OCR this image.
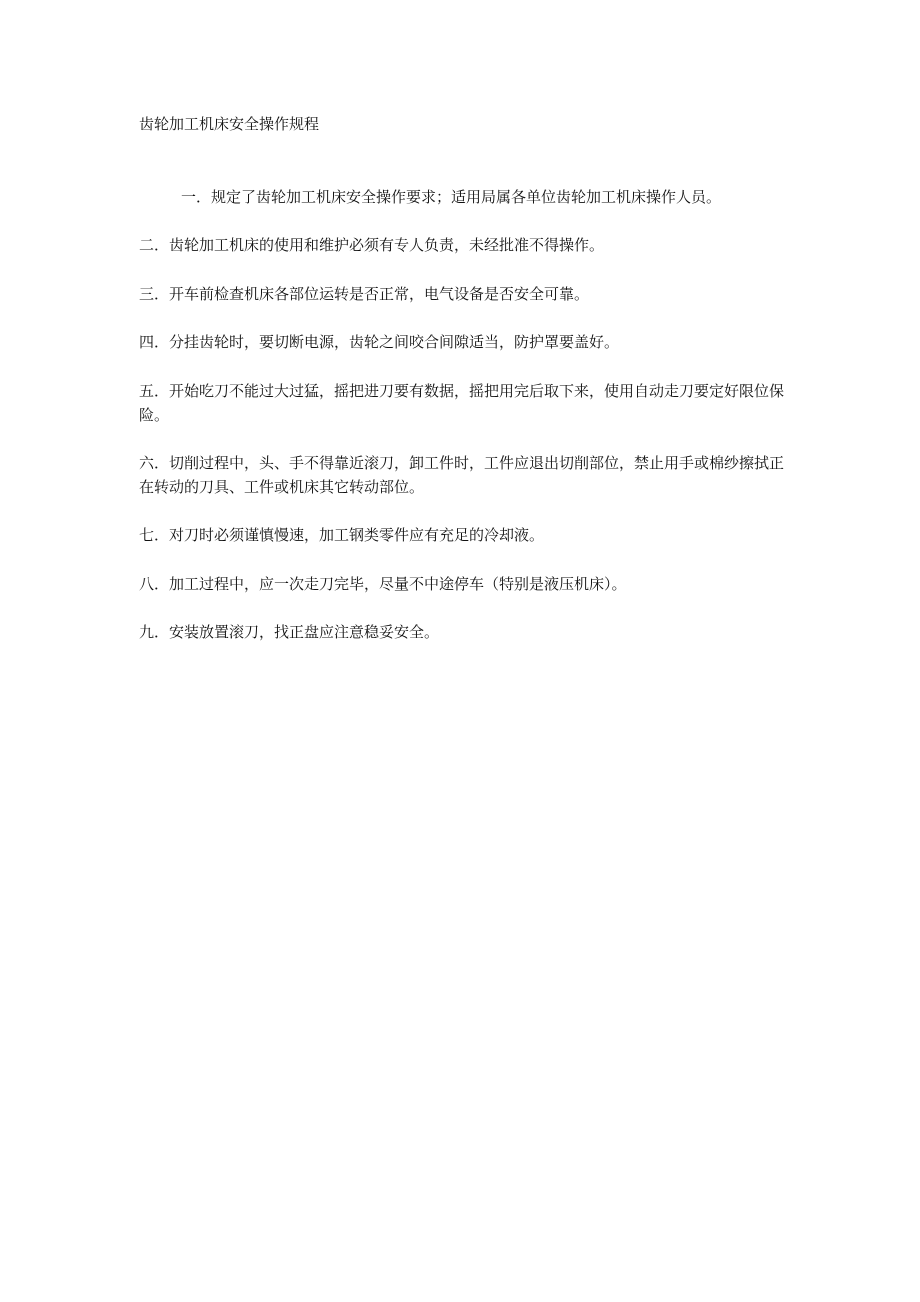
齿轮加工机床安全操作规程

一．规定了齿轮加工机床安全操作要求；适用局属各单位齿轮加工机床操作人员。

二．齿轮加工机床的使用和维护必须有专人负责，未经批准不得操作。

三．开车前检查机床各部位运转是否正常，电气设备是否安全可靠。

四．分挂齿轮时，要切断电源，齿轮之间咬合间隙适当，防护罩要盖好。

五．开始吃刀不能过大过猛，摇把进刀要有数据，摇把用完后取下来，使用自动走刀要定好限位保险。

六．切削过程中，头、手不得靠近滚刀，卸工件时，工件应退出切削部位，禁止用手或棉纱擦拭正在转动的刀具、工件或机床其它转动部位。

七．对刀时必须谨慎慢速，加工钢类零件应有充足的冷却液。

八．加工过程中，应一次走刀完毕，尽量不中途停车（特别是液压机床）。

九．安装放置滚刀，找正盘应注意稳妥安全。
